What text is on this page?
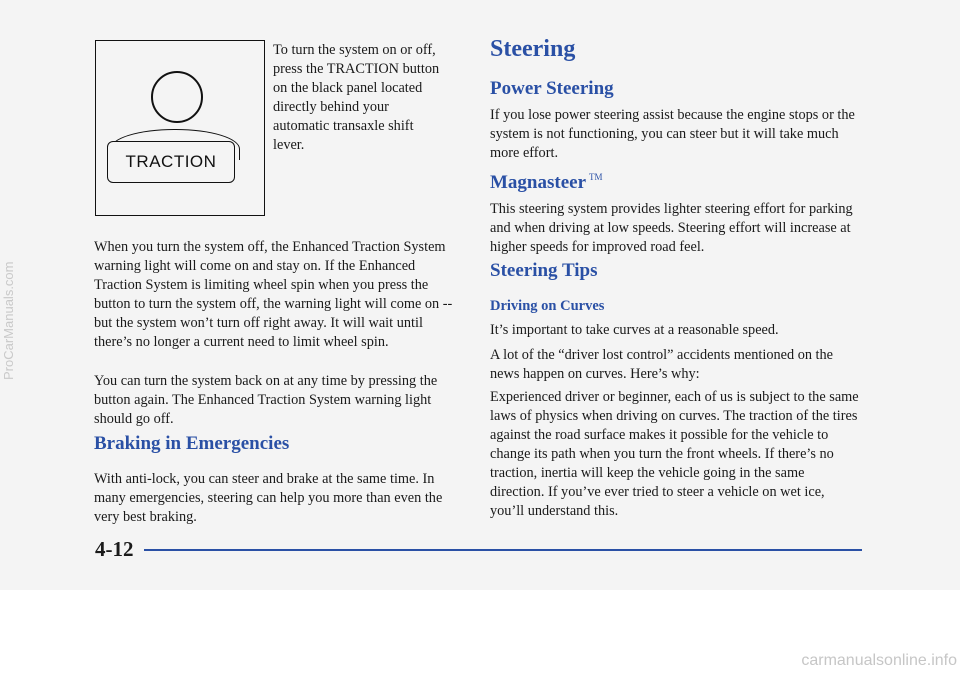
TRACTION

To turn the system on or off, press the TRACTION button on the black panel located directly behind your automatic transaxle shift lever.

When you turn the system off, the Enhanced Traction System warning light will come on and stay on. If the Enhanced Traction System is limiting wheel spin when you press the button to turn the system off, the warning light will come on -- but the system won’t turn off right away. It will wait until there’s no longer a current need to limit wheel spin.

You can turn the system back on at any time by pressing the button again. The Enhanced Traction System warning light should go off.

Braking in Emergencies

With anti-lock, you can steer and brake at the same time. In many emergencies, steering can help you more than even the very best braking.

Steering
Power Steering

If you lose power steering assist because the engine stops or the system is not functioning, you can steer but it will take much more effort.

Magnasteer ™

This steering system provides lighter steering effort for parking and when driving at low speeds. Steering effort will increase at higher speeds for improved road feel.

Steering Tips
Driving on Curves

It’s important to take curves at a reasonable speed.

A lot of the “driver lost control” accidents mentioned on the news happen on curves. Here’s why:

Experienced driver or beginner, each of us is subject to the same laws of physics when driving on curves. The traction of the tires against the road surface makes it possible for the vehicle to change its path when you turn the front wheels. If there’s no traction, inertia will keep the vehicle going in the same direction. If you’ve ever tried to steer a vehicle on wet ice, you’ll understand this.

4-12

ProCarManuals.com
carmanualsonline.info
